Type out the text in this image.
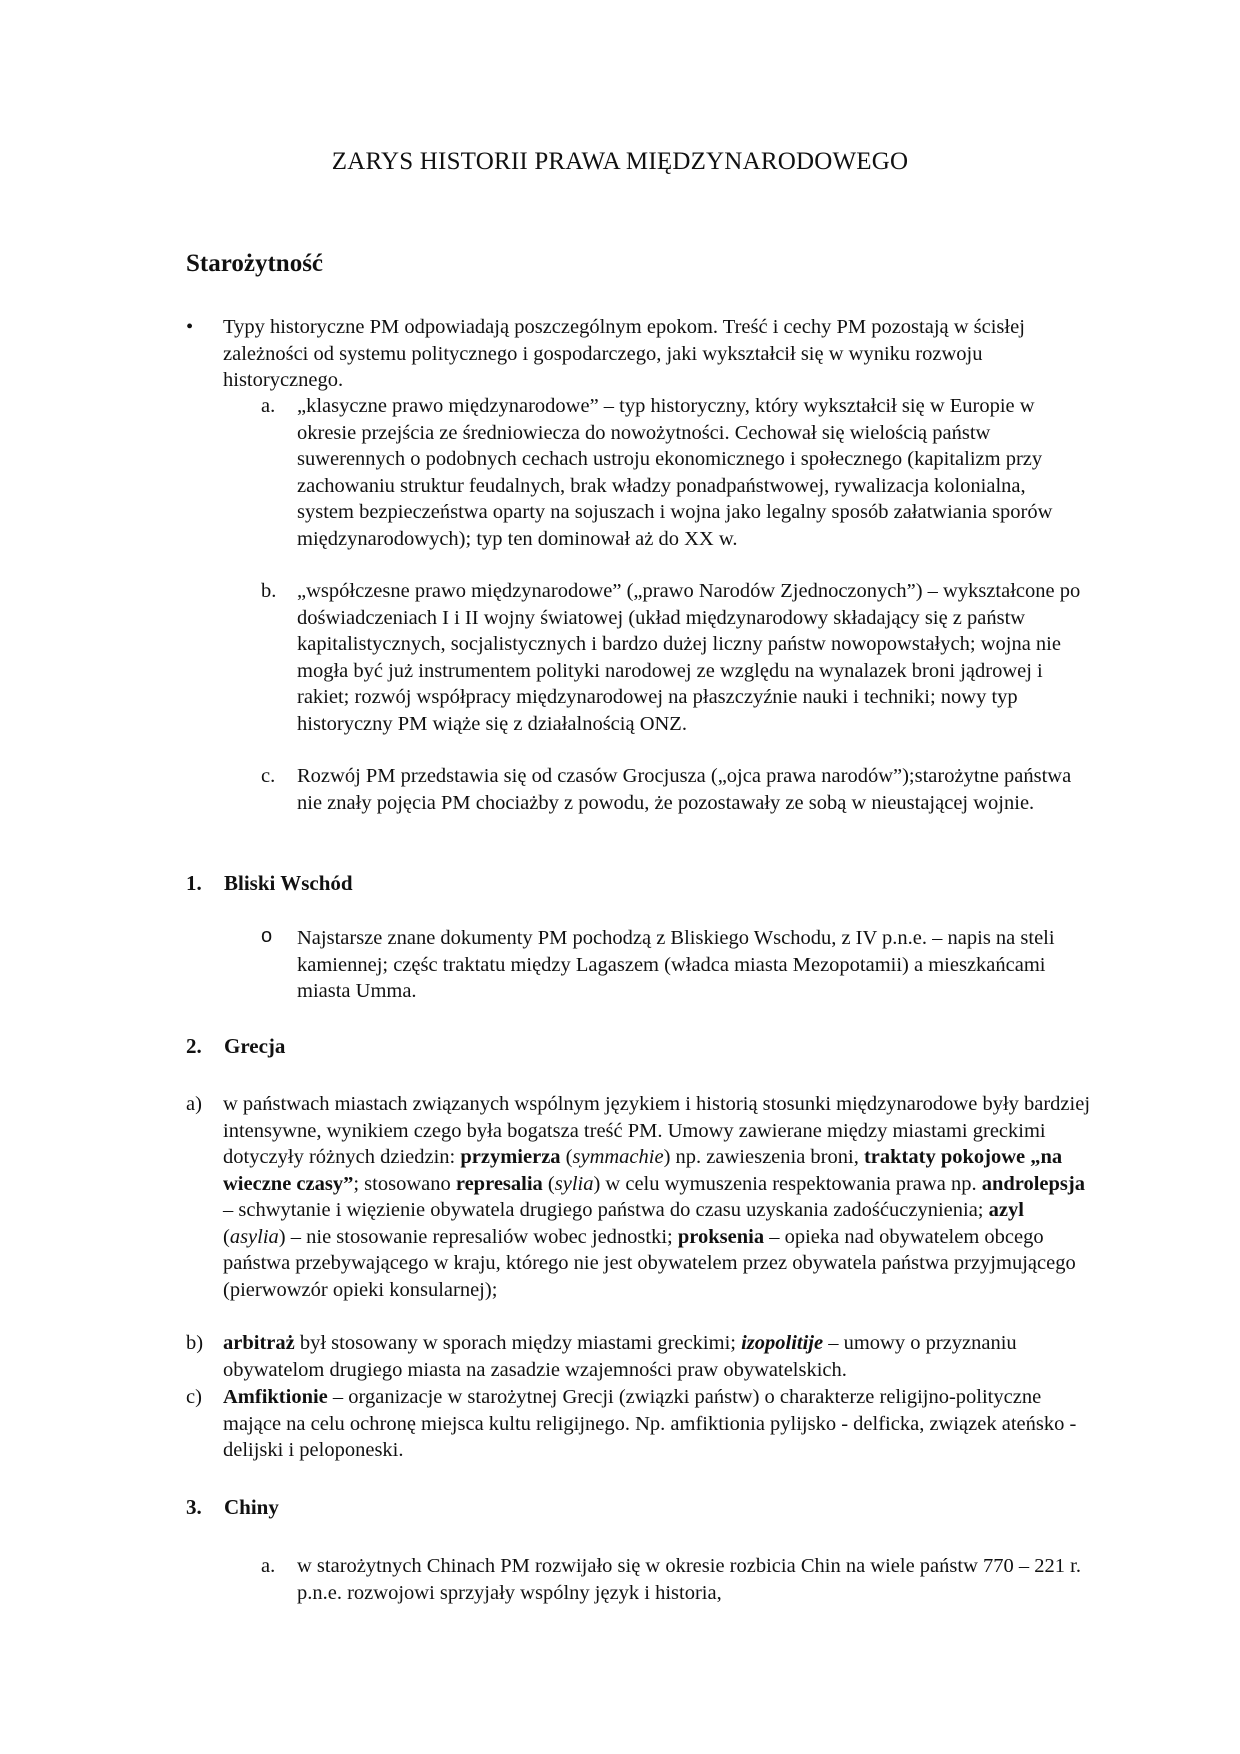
ZARYS HISTORII PRAWA MIĘDZYNARODOWEGO
Starożytność
• Typy historyczne PM odpowiadają poszczególnym epokom. Treść i cechy PM pozostają w ścisłej zależności od systemu politycznego i gospodarczego, jaki wykształcił się w wyniku rozwoju historycznego.
a. „klasyczne prawo międzynarodowe” – typ historyczny, który wykształcił się w Europie w okresie przejścia ze średniowiecza do nowożytności. Cechował się wielością państw suwerennych o podobnych cechach ustroju ekonomicznego i społecznego (kapitalizm przy zachowaniu struktur feudalnych, brak władzy ponadpaństwowej, rywalizacja kolonialna, system bezpieczeństwa oparty na sojuszach i wojna jako legalny sposób załatwiania sporów międzynarodowych); typ ten dominował aż do XX w.
b. „współczesne prawo międzynarodowe” („prawo Narodów Zjednoczonych”) – wykształcone po doświadczeniach I i II wojny światowej (układ międzynarodowy składający się z państw kapitalistycznych, socjalistycznych i bardzo dużej liczny państw nowopowstałych; wojna nie mogła być już instrumentem polityki narodowej ze względu na wynalazek broni jądrowej i rakiet; rozwój współpracy międzynarodowej na płaszczyźnie nauki i techniki; nowy typ historyczny PM wiąże się z działalnością ONZ.
c. Rozwój PM przedstawia się od czasów Grocjusza („ojca prawa narodów”);starożytne państwa nie znały pojęcia PM chociażby z powodu, że pozostawały ze sobą w nieustającej wojnie.
1. Bliski Wschód
o Najstarsze znane dokumenty PM pochodzą z Bliskiego Wschodu, z IV p.n.e. – napis na steli kamiennej; częśc traktatu między Lagaszem (władca miasta Mezopotamii) a mieszkańcami miasta Umma.
2. Grecja
a) w państwach miastach związanych wspólnym językiem i historią stosunki międzynarodowe były bardziej intensywne, wynikiem czego była bogatsza treść PM. Umowy zawierane między miastami greckimi dotyczyły różnych dziedzin: przymierza (symmachie) np. zawieszenia broni, traktaty pokojowe „na wieczne czasy”; stosowano represalia (sylia) w celu wymuszenia respektowania prawa np. androlepsja – schwytanie i więzienie obywatela drugiego państwa do czasu uzyskania zadośćuczynienia; azyl (asylia) – nie stosowanie represaliów wobec jednostki; proksenia – opieka nad obywatelem obcego państwa przebywającego w kraju, którego nie jest obywatelem przez obywatela państwa przyjmującego (pierwowzór opieki konsularnej);

b) arbitraż był stosowany w sporach między miastami greckimi; izopolitije – umowy o przyznaniu obywatelom drugiego miasta na zasadzie wzajemności praw obywatelskich.

c) Amfiktionie – organizacje w starożytnej Grecji (związki państw) o charakterze religijno-polityczne mające na celu ochronę miejsca kultu religijnego. Np. amfiktionia pylijsko - delficka, związek ateńsko - delijski i peloponeski.

3. Chiny
a. w starożytnych Chinach PM rozwijało się w okresie rozbicia Chin na wiele państw 770 – 221 r. p.n.e. rozwojowi sprzyjały wspólny język i historia,
